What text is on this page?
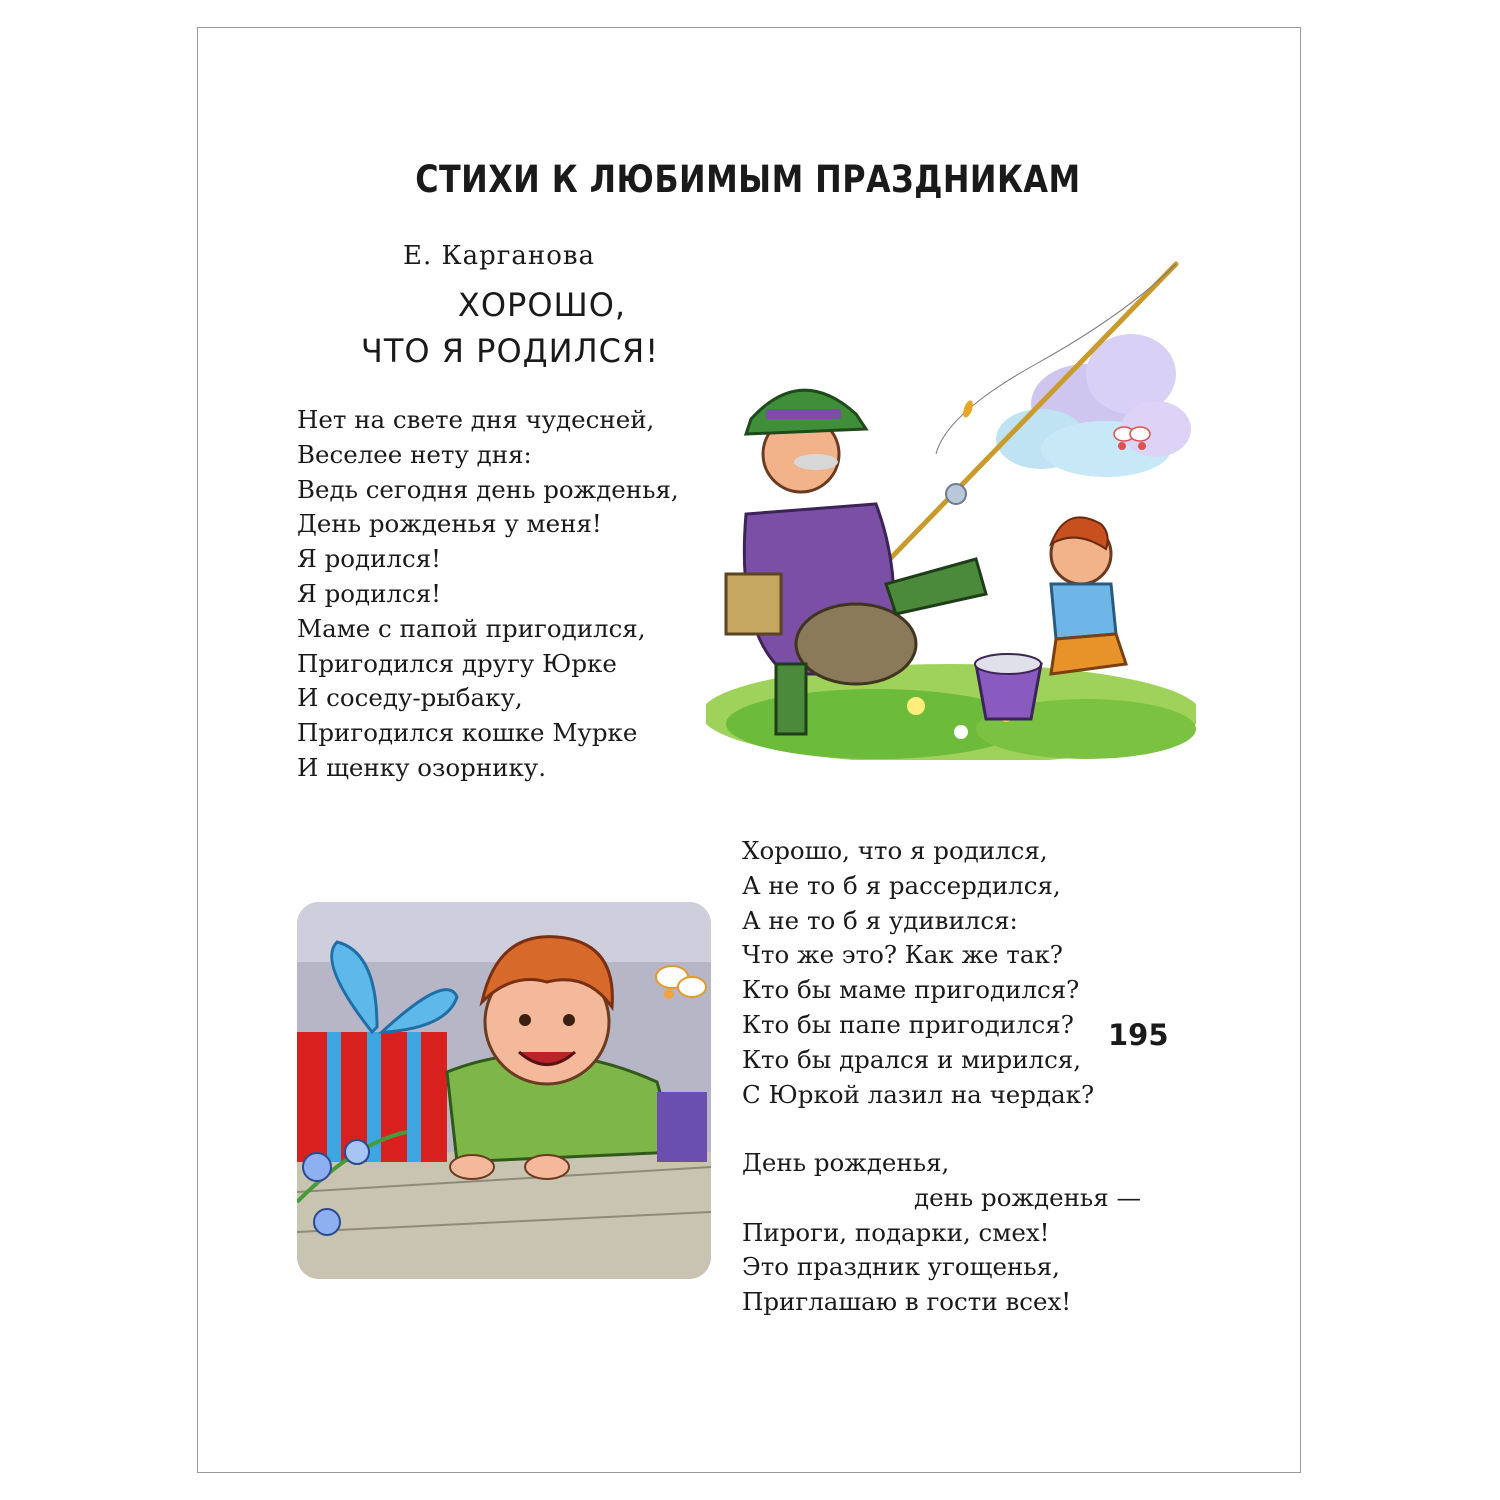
СТИХИ К ЛЮБИМЫМ ПРАЗДНИКАМ
Е. Карганова
ХОРОШО,
ЧТО Я РОДИЛСЯ!
Нет на свете дня чудесней,
Веселее нету дня:
Ведь сегодня день рожденья,
День рожденья у меня!
Я родился!
Я родился!
Маме с папой пригодился,
Пригодился другу Юрке
И соседу-рыбаку,
Пригодился кошке Мурке
И щенку озорнику.
Хорошо, что я родился,
А не то б я рассердился,
А не то б я удивился:
Что же это? Как же так?
Кто бы маме пригодился?
Кто бы папе пригодился?
Кто бы дрался и мирился,
С Юркой лазил на чердак?
День рожденья,
день рожденья —
Пироги, подарки, смех!
Это праздник угощенья,
Приглашаю в гости всех!
195
